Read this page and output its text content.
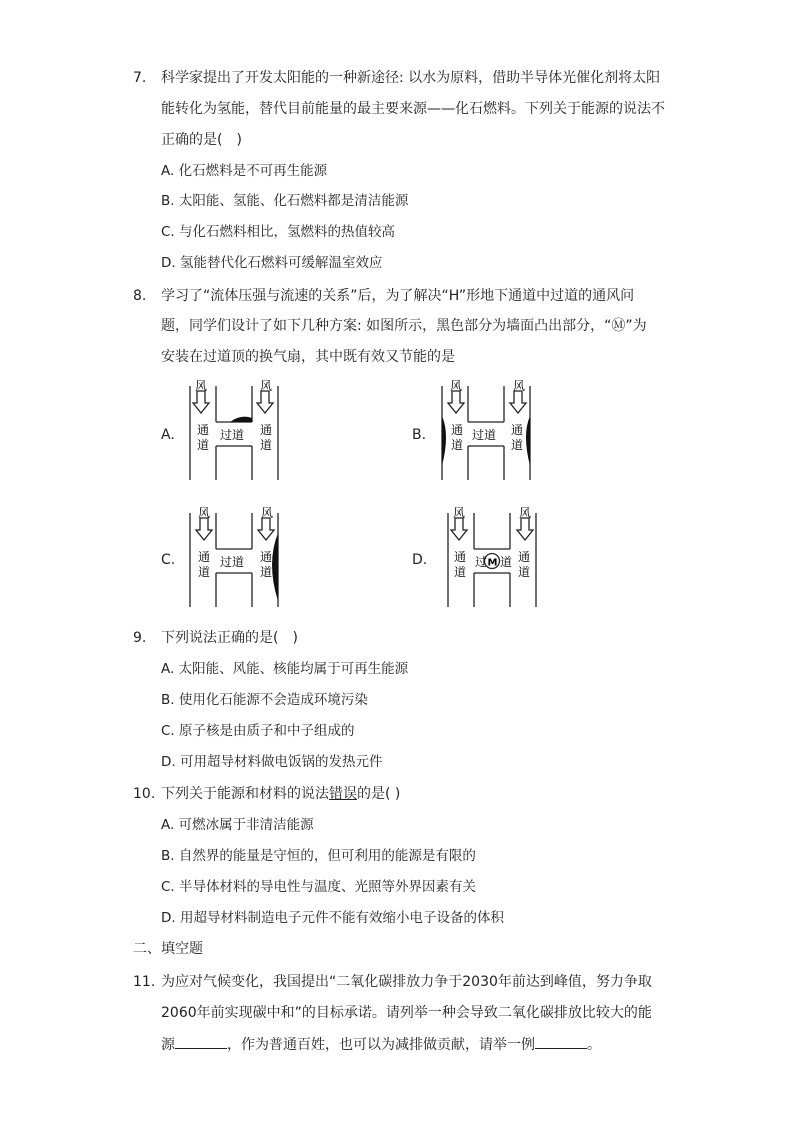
7. 科学家提出了开发太阳能的一种新途径: 以水为原料，借助半导体光催化剂将太阳
能转化为氢能，替代目前能量的最主要来源——化石燃料。下列关于能源的说法不
正确的是(　)
A. 化石燃料是不可再生能源
B. 太阳能、氢能、化石燃料都是清洁能源
C. 与化石燃料相比，氢燃料的热值较高
D. 氢能替代化石燃料可缓解温室效应
8. 学习了“流体压强与流速的关系”后，为了解决“H”形地下通道中过道的通风问
题，同学们设计了如下几种方案: 如图所示，黑色部分为墙面凸出部分，“Ⓜ”为
安装在过道顶的换气扇，其中既有效又节能的是
A.	B.
C.	D.
风	风
通
道
通
道
过道
风	风
通
道
通
道
过道
风	风
通
道
通
道
过道
风	风
通
道
通
道
过 M 道
9. 下列说法正确的是(　)
A. 太阳能、风能、核能均属于可再生能源
B. 使用化石能源不会造成环境污染
C. 原子核是由质子和中子组成的
D. 可用超导材料做电饭锅的发热元件
10. 下列关于能源和材料的说法错误的是( )
A. 可燃冰属于非清洁能源
B. 自然界的能量是守恒的，但可利用的能源是有限的
C. 半导体材料的导电性与温度、光照等外界因素有关
D. 用超导材料制造电子元件不能有效缩小电子设备的体积
二、填空题
11. 为应对气候变化，我国提出“二氧化碳排放力争于2030年前达到峰值，努力争取
2060年前实现碳中和”的目标承诺。请列举一种会导致二氧化碳排放比较大的能
源	，作为普通百姓，也可以为减排做贡献，请举一例	。
